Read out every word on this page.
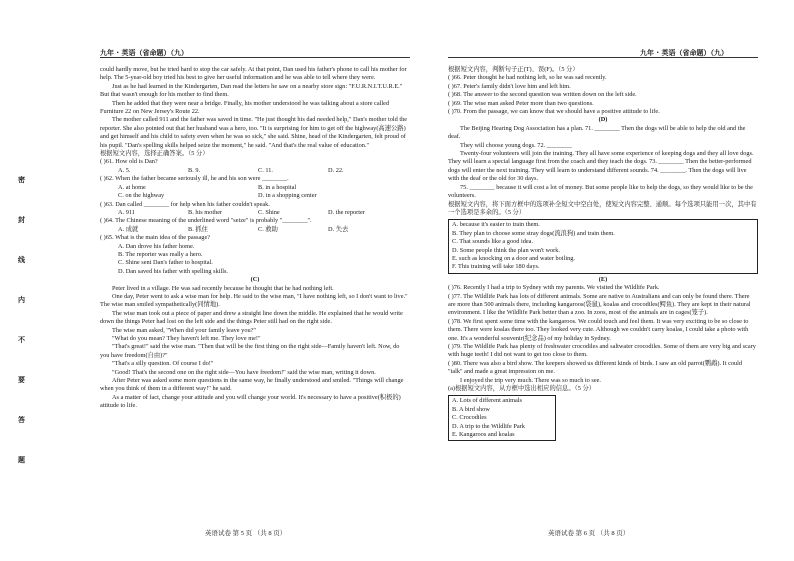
九年 · 英语（省命题）（九）	九年 · 英语（省命题）（九）
密
封
线
内
不
要
答
题

could hardly move, but he tried hard to stop the car safely. At that point, Dan used his father's phone to call his mother for help. The 5-year-old boy tried his best to give her useful information and he was able to tell where they were.

Just as he had learned in the Kindergarten, Dan read the letters he saw on a nearby store sign: "F.U.R.N.I.T.U.R.E." But that wasn't enough for his mother to find them.

Then he added that they were near a bridge. Finally, his mother understood he was talking about a store called Furniture 22 on New Jersey's Route 22.

The mother called 911 and the father was saved in time. "He just thought his dad needed help," Dan's mother told the reporter. She also pointed out that her husband was a hero, too. "It is surprising for him to get off the highway(高速公路) and get himself and his child to safety even when he was so sick," she said. Shine, head of the Kindergarten, felt proud of his pupil. "Dan's spelling skills helped seize the moment," he said. "And that's the real value of education."

根据短文内容，选择正确答案。（5 分）

( )61. How old is Dan?

A. 5.	B. 9.	C. 11.	D. 22.

( )62. When the father became seriously ill, he and his son were ________.

A. at home	B. in a hospital
C. on the highway	D. in a shopping center

( )63. Dan called ________ for help when his father couldn't speak.

A. 911	B. his mother	C. Shine	D. the reporter

( )64. The Chinese meaning of the underlined word "seize" is probably "________".

A. 成就	B. 抓住	C. 救助	D. 失去

( )65. What is the main idea of the passage?

A. Dan drove his father home.

B. The reporter was really a hero.

C. Shine sent Dan's father to hospital.

D. Dan saved his father with spelling skills.

(C)

Peter lived in a village. He was sad recently because he thought that he had nothing left.

One day, Peter went to ask a wise man for help. He said to the wise man, "I have nothing left, so I don't want to live." The wise man smiled sympathetically(同情地).

The wise man took out a piece of paper and drew a straight line down the middle. He explained that he would write down the things Peter had lost on the left side and the things Peter still had on the right side.

The wise man asked, "When did your family leave you?"

"What do you mean? They haven't left me. They love me!"

"That's great!" said the wise man. "Then that will be the first thing on the right side—Family haven't left. Now, do you have freedom(自由)?"

"That's a silly question. Of course I do!"

"Good! That's the second one on the right side—You have freedom!" said the wise man, writing it down.

After Peter was asked some more questions in the same way, he finally understood and smiled. "Things will change when you think of them in a different way!" he said.

As a matter of fact, change your attitude and you will change your world. It's necessary to have a positive(积极的) attitude to life.

英语试卷 第 5 页 （共 8 页）

根据短文内容，判断句子正(T)、误(F)。（5 分）

( )66. Peter thought he had nothing left, so he was sad recently.

( )67. Peter's family didn't love him and left him.

( )68. The answer to the second question was written down on the left side.

( )69. The wise man asked Peter more than two questions.

( )70. From the passage, we can know that we should have a positive attitude to life.

(D)

The Beijing Hearing Dog Association has a plan. 71. ________ Then the dogs will be able to help the old and the deaf.

They will choose young dogs. 72. ________

Twenty-four volunteers will join the training. They all have some experience of keeping dogs and they all love dogs. They will learn a special language first from the coach and they teach the dogs. 73. ________ Then the better-performed dogs will enter the next training. They will learn to understand different sounds. 74. ________. Then the dogs will live with the deaf or the old for 30 days.

75. ________ because it will cost a lot of money. But some people like to help the dogs, so they would like to be the volunteers.

根据短文内容，将下面方框中的选项补全短文中空白处，使短文内容完整、通顺。每个选项只能用一次，其中有一个选项是多余的。（5 分）

A. because it's easier to train them.

B. They plan to choose some stray dogs(流浪狗) and train them.

C. That sounds like a good idea.

D. Some people think the plan won't work.

E. such as knocking on a door and water boiling.

F. This training will take 180 days.

(E)

( )76. Recently I had a trip to Sydney with my parents. We visited the Wildlife Park.

( )77. The Wildlife Park has lots of different animals. Some are native to Australians and can only be found there. There are more than 500 animals there, including kangaroos(袋鼠), koalas and crocodiles(鳄鱼). They are kept in their natural environment. I like the Wildlife Park better than a zoo. In zoos, most of the animals are in cages(笼子).

( )78. We first spent some time with the kangaroos. We could touch and feel them. It was very exciting to be so close to them. There were koalas there too. They looked very cute. Although we couldn't carry koalas, I could take a photo with one. It's a wonderful souvenir(纪念品) of my holiday in Sydney.

( )79. The Wildlife Park has plenty of freshwater crocodiles and saltwater crocodiles. Some of them are very big and scary with huge teeth! I did not want to get too close to them.

( )80. There was also a bird show. The keepers showed us different kinds of birds. I saw an old parrot(鹦鹉). It could "talk" and made a great impression on me.

I enjoyed the trip very much. There was so much to see.

(a)根据短文内容，从方框中选出相应的信息。（5 分）

A. Lots of different animals

B. A bird show

C. Crocodiles

D. A trip to the Wildlife Park

E. Kangaroos and koalas

英语试卷 第 6 页 （共 8 页）
